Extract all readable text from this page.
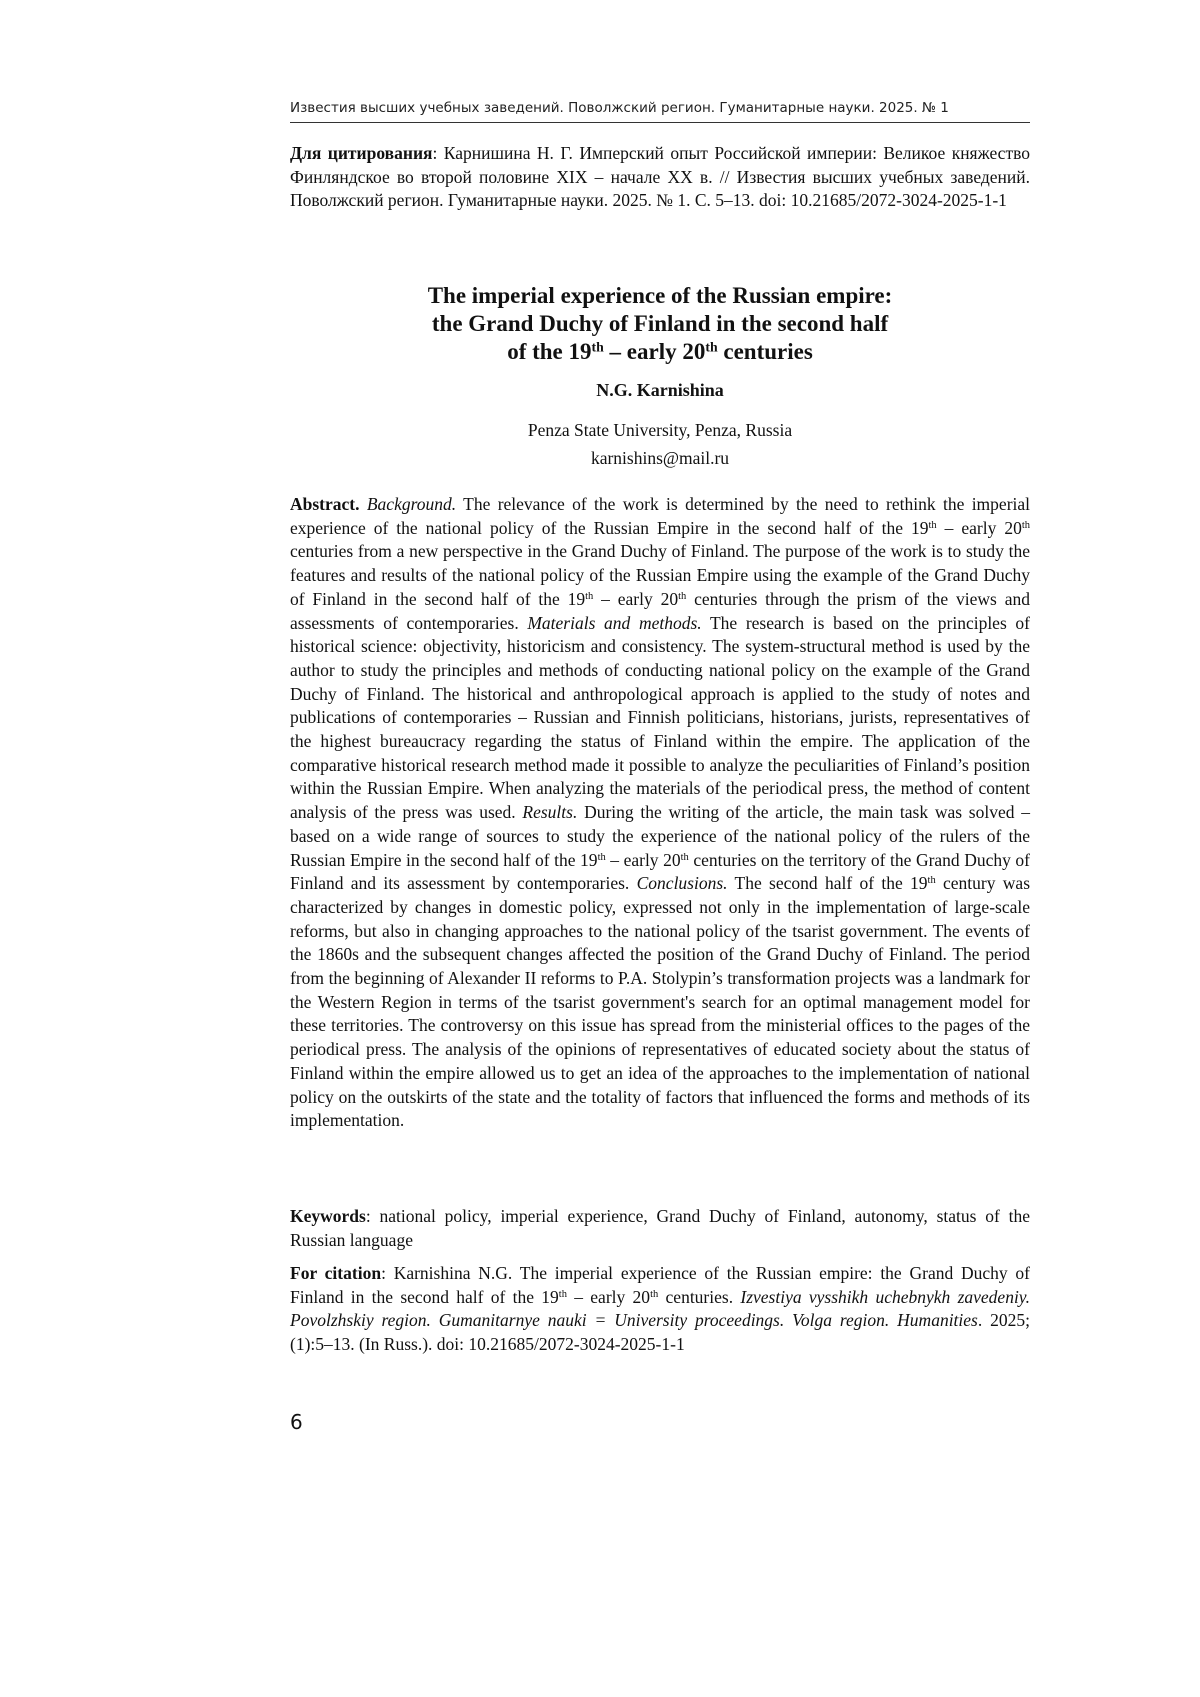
Известия высших учебных заведений. Поволжский регион. Гуманитарные науки. 2025. № 1
Для цитирования: Карнишина Н. Г. Имперский опыт Российской империи: Великое княжество Финляндское во второй половине XIX – начале XX в. // Известия высших учебных заведений. Поволжский регион. Гуманитарные науки. 2025. № 1. С. 5–13. doi: 10.21685/2072-3024-2025-1-1
The imperial experience of the Russian empire:
the Grand Duchy of Finland in the second half
of the 19th – early 20th centuries
N.G. Karnishina
Penza State University, Penza, Russia
karnishins@mail.ru
Abstract. Background. The relevance of the work is determined by the need to rethink the imperial experience of the national policy of the Russian Empire in the second half of the 19th – early 20th centuries from a new perspective in the Grand Duchy of Finland. The purpose of the work is to study the features and results of the national policy of the Russian Empire using the example of the Grand Duchy of Finland in the second half of the 19th – early 20th centuries through the prism of the views and assessments of contemporaries. Materials and methods. The research is based on the principles of historical science: objectivity, historicism and consistency. The system-structural method is used by the author to study the principles and methods of conducting national policy on the example of the Grand Duchy of Finland. The historical and anthropological approach is applied to the study of notes and publications of contemporaries – Russian and Finnish politicians, historians, jurists, representatives of the highest bureaucracy regarding the status of Finland within the empire. The application of the comparative historical research method made it possible to analyze the peculiarities of Finland’s position within the Russian Empire. When analyzing the materials of the periodical press, the method of content analysis of the press was used. Results. During the writing of the article, the main task was solved – based on a wide range of sources to study the experience of the national policy of the rulers of the Russian Empire in the second half of the 19th – early 20th centuries on the territory of the Grand Duchy of Finland and its assessment by contemporaries. Conclusions. The second half of the 19th century was characterized by changes in domestic policy, expressed not only in the implementation of large-scale reforms, but also in changing approaches to the national policy of the tsarist government. The events of the 1860s and the subsequent changes affected the position of the Grand Duchy of Finland. The period from the beginning of Alexander II reforms to P.A. Stolypin’s transformation projects was a landmark for the Western Region in terms of the tsarist government's search for an optimal management model for these territories. The controversy on this issue has spread from the ministerial offices to the pages of the periodical press. The analysis of the opinions of representatives of educated society about the status of Finland within the empire allowed us to get an idea of the approaches to the implementation of national policy on the outskirts of the state and the totality of factors that influenced the forms and methods of its implementation.
Keywords: national policy, imperial experience, Grand Duchy of Finland, autonomy, status of the Russian language
For citation: Karnishina N.G. The imperial experience of the Russian empire: the Grand Duchy of Finland in the second half of the 19th – early 20th centuries. Izvestiya vysshikh uchebnykh zavedeniy. Povolzhskiy region. Gumanitarnye nauki = University proceedings. Volga region. Humanities. 2025;(1):5–13. (In Russ.). doi: 10.21685/2072-3024-2025-1-1
6
